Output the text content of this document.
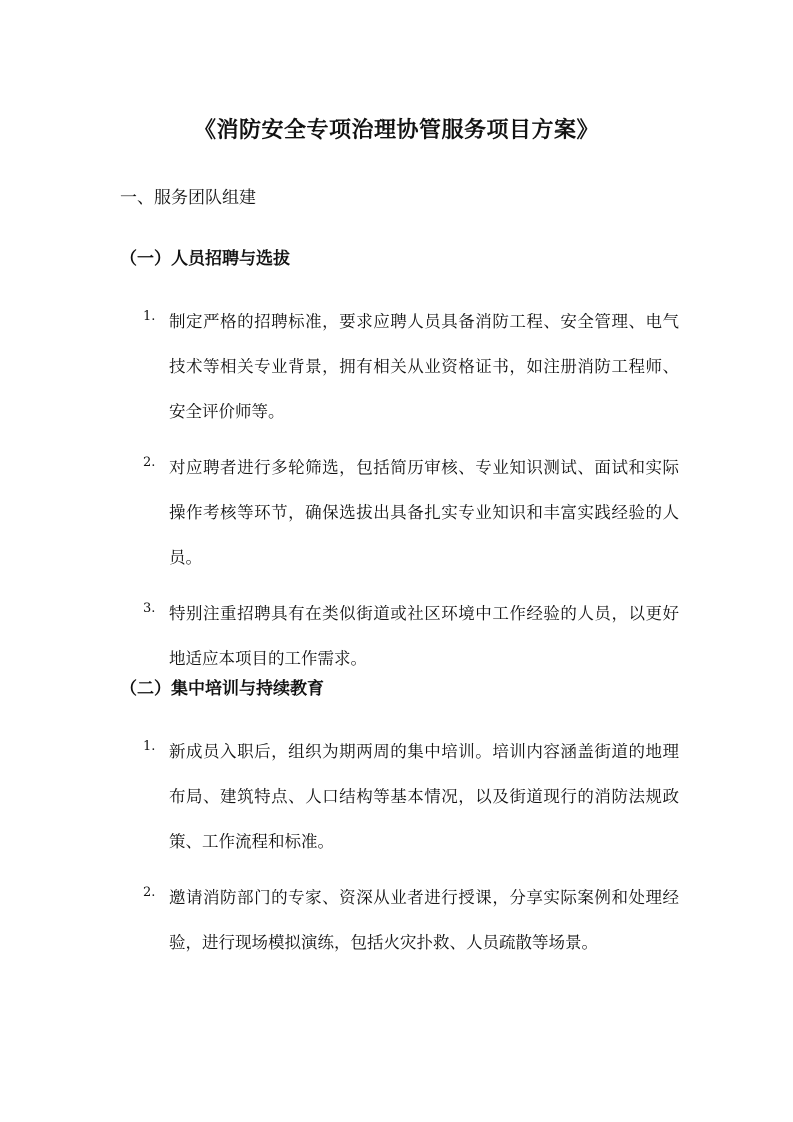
《消防安全专项治理协管服务项目方案》
一、服务团队组建
（一）人员招聘与选拔
1. 制定严格的招聘标准，要求应聘人员具备消防工程、安全管理、电气技术等相关专业背景，拥有相关从业资格证书，如注册消防工程师、安全评价师等。
2. 对应聘者进行多轮筛选，包括简历审核、专业知识测试、面试和实际操作考核等环节，确保选拔出具备扎实专业知识和丰富实践经验的人员。
3. 特别注重招聘具有在类似街道或社区环境中工作经验的人员，以更好地适应本项目的工作需求。
（二）集中培训与持续教育
1. 新成员入职后，组织为期两周的集中培训。培训内容涵盖街道的地理布局、建筑特点、人口结构等基本情况，以及街道现行的消防法规政策、工作流程和标准。
2. 邀请消防部门的专家、资深从业者进行授课，分享实际案例和处理经验，进行现场模拟演练，包括火灾扑救、人员疏散等场景。
